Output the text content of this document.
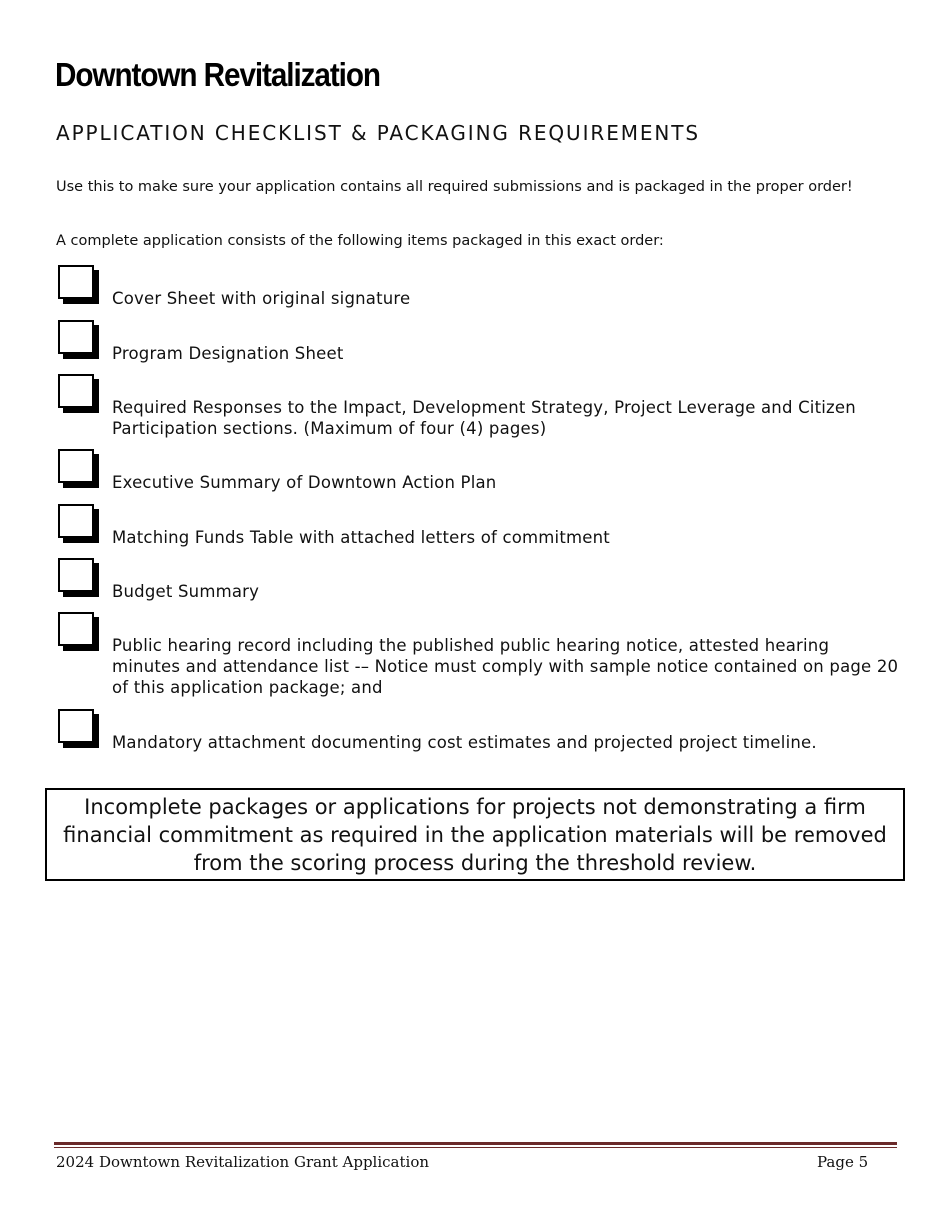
Downtown Revitalization
APPLICATION CHECKLIST & PACKAGING REQUIREMENTS
Use this to make sure your application contains all required submissions and is packaged in the proper order!
A complete application consists of the following items packaged in this exact order:
Cover Sheet with original signature
Program Designation Sheet
Required Responses to the Impact, Development Strategy, Project Leverage and Citizen Participation sections. (Maximum of four (4) pages)
Executive Summary of Downtown Action Plan
Matching Funds Table with attached letters of commitment
Budget Summary
Public hearing record including the published public hearing notice, attested hearing minutes and attendance list -– Notice must comply with sample notice contained on page 20 of this application package; and
Mandatory attachment documenting cost estimates and projected project timeline.
Incomplete packages or applications for projects not demonstrating a firm financial commitment as required in the application materials will be removed from the scoring process during the threshold review.
2024 Downtown Revitalization Grant Application	Page 5
